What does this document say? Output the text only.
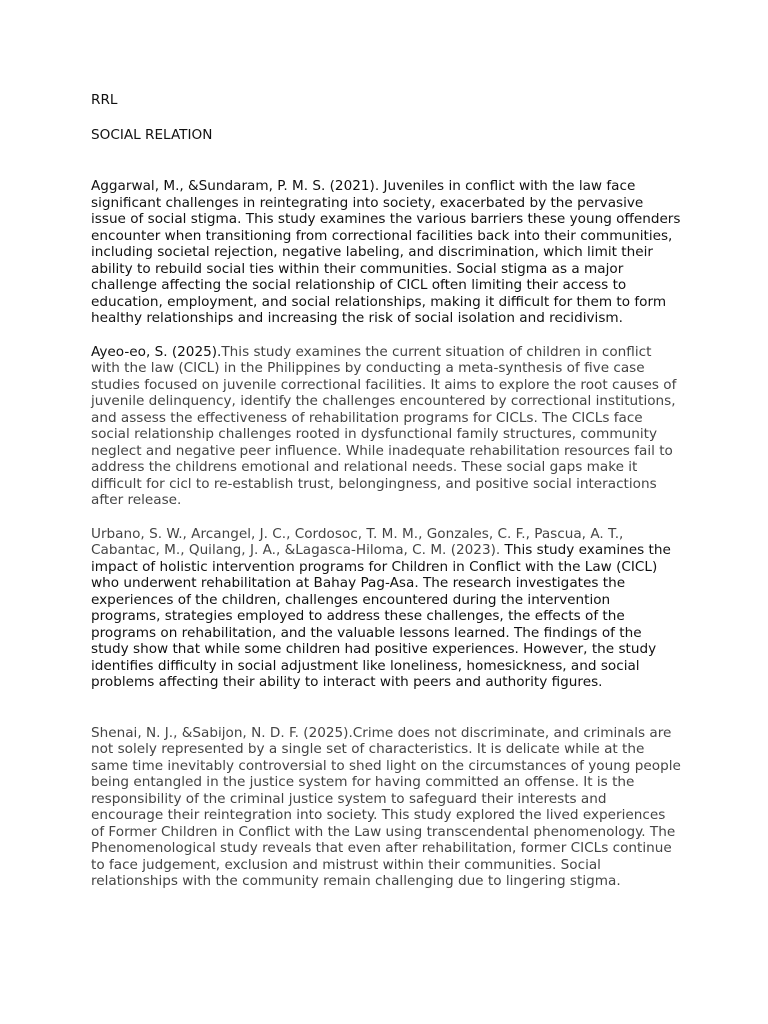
RRL

SOCIAL RELATION

Aggarwal, M., &Sundaram, P. M. S. (2021). Juveniles in conflict with the law face significant challenges in reintegrating into society, exacerbated by the pervasive issue of social stigma. This study examines the various barriers these young offenders encounter when transitioning from correctional facilities back into their communities, including societal rejection, negative labeling, and discrimination, which limit their ability to rebuild social ties within their communities. Social stigma as a major challenge affecting the social relationship of CICL often limiting their access to education, employment, and social relationships, making it difficult for them to form healthy relationships and increasing the risk of social isolation and recidivism.

Ayeo-eo, S. (2025).This study examines the current situation of children in conflict with the law (CICL) in the Philippines by conducting a meta-synthesis of five case studies focused on juvenile correctional facilities. It aims to explore the root causes of juvenile delinquency, identify the challenges encountered by correctional institutions, and assess the effectiveness of rehabilitation programs for CICLs. The CICLs face social relationship challenges rooted in dysfunctional family structures, community neglect and negative peer influence. While inadequate rehabilitation resources fail to address the childrens emotional and relational needs. These social gaps make it difficult for cicl to re-establish trust, belongingness, and positive social interactions after release.

Urbano, S. W., Arcangel, J. C., Cordosoc, T. M. M., Gonzales, C. F., Pascua, A. T., Cabantac, M., Quilang, J. A., &Lagasca-Hiloma, C. M. (2023). This study examines the impact of holistic intervention programs for Children in Conflict with the Law (CICL) who underwent rehabilitation at Bahay Pag-Asa. The research investigates the experiences of the children, challenges encountered during the intervention programs, strategies employed to address these challenges, the effects of the programs on rehabilitation, and the valuable lessons learned. The findings of the study show that while some children had positive experiences. However, the study identifies difficulty in social adjustment like loneliness, homesickness, and social problems affecting their ability to interact with peers and authority figures.

Shenai, N. J., &Sabijon, N. D. F. (2025).Crime does not discriminate, and criminals are not solely represented by a single set of characteristics. It is delicate while at the same time inevitably controversial to shed light on the circumstances of young people being entangled in the justice system for having committed an offense. It is the responsibility of the criminal justice system to safeguard their interests and encourage their reintegration into society. This study explored the lived experiences of Former Children in Conflict with the Law using transcendental phenomenology. The Phenomenological study reveals that even after rehabilitation, former CICLs continue to face judgement, exclusion and mistrust within their communities. Social relationships with the community remain challenging due to lingering stigma.
